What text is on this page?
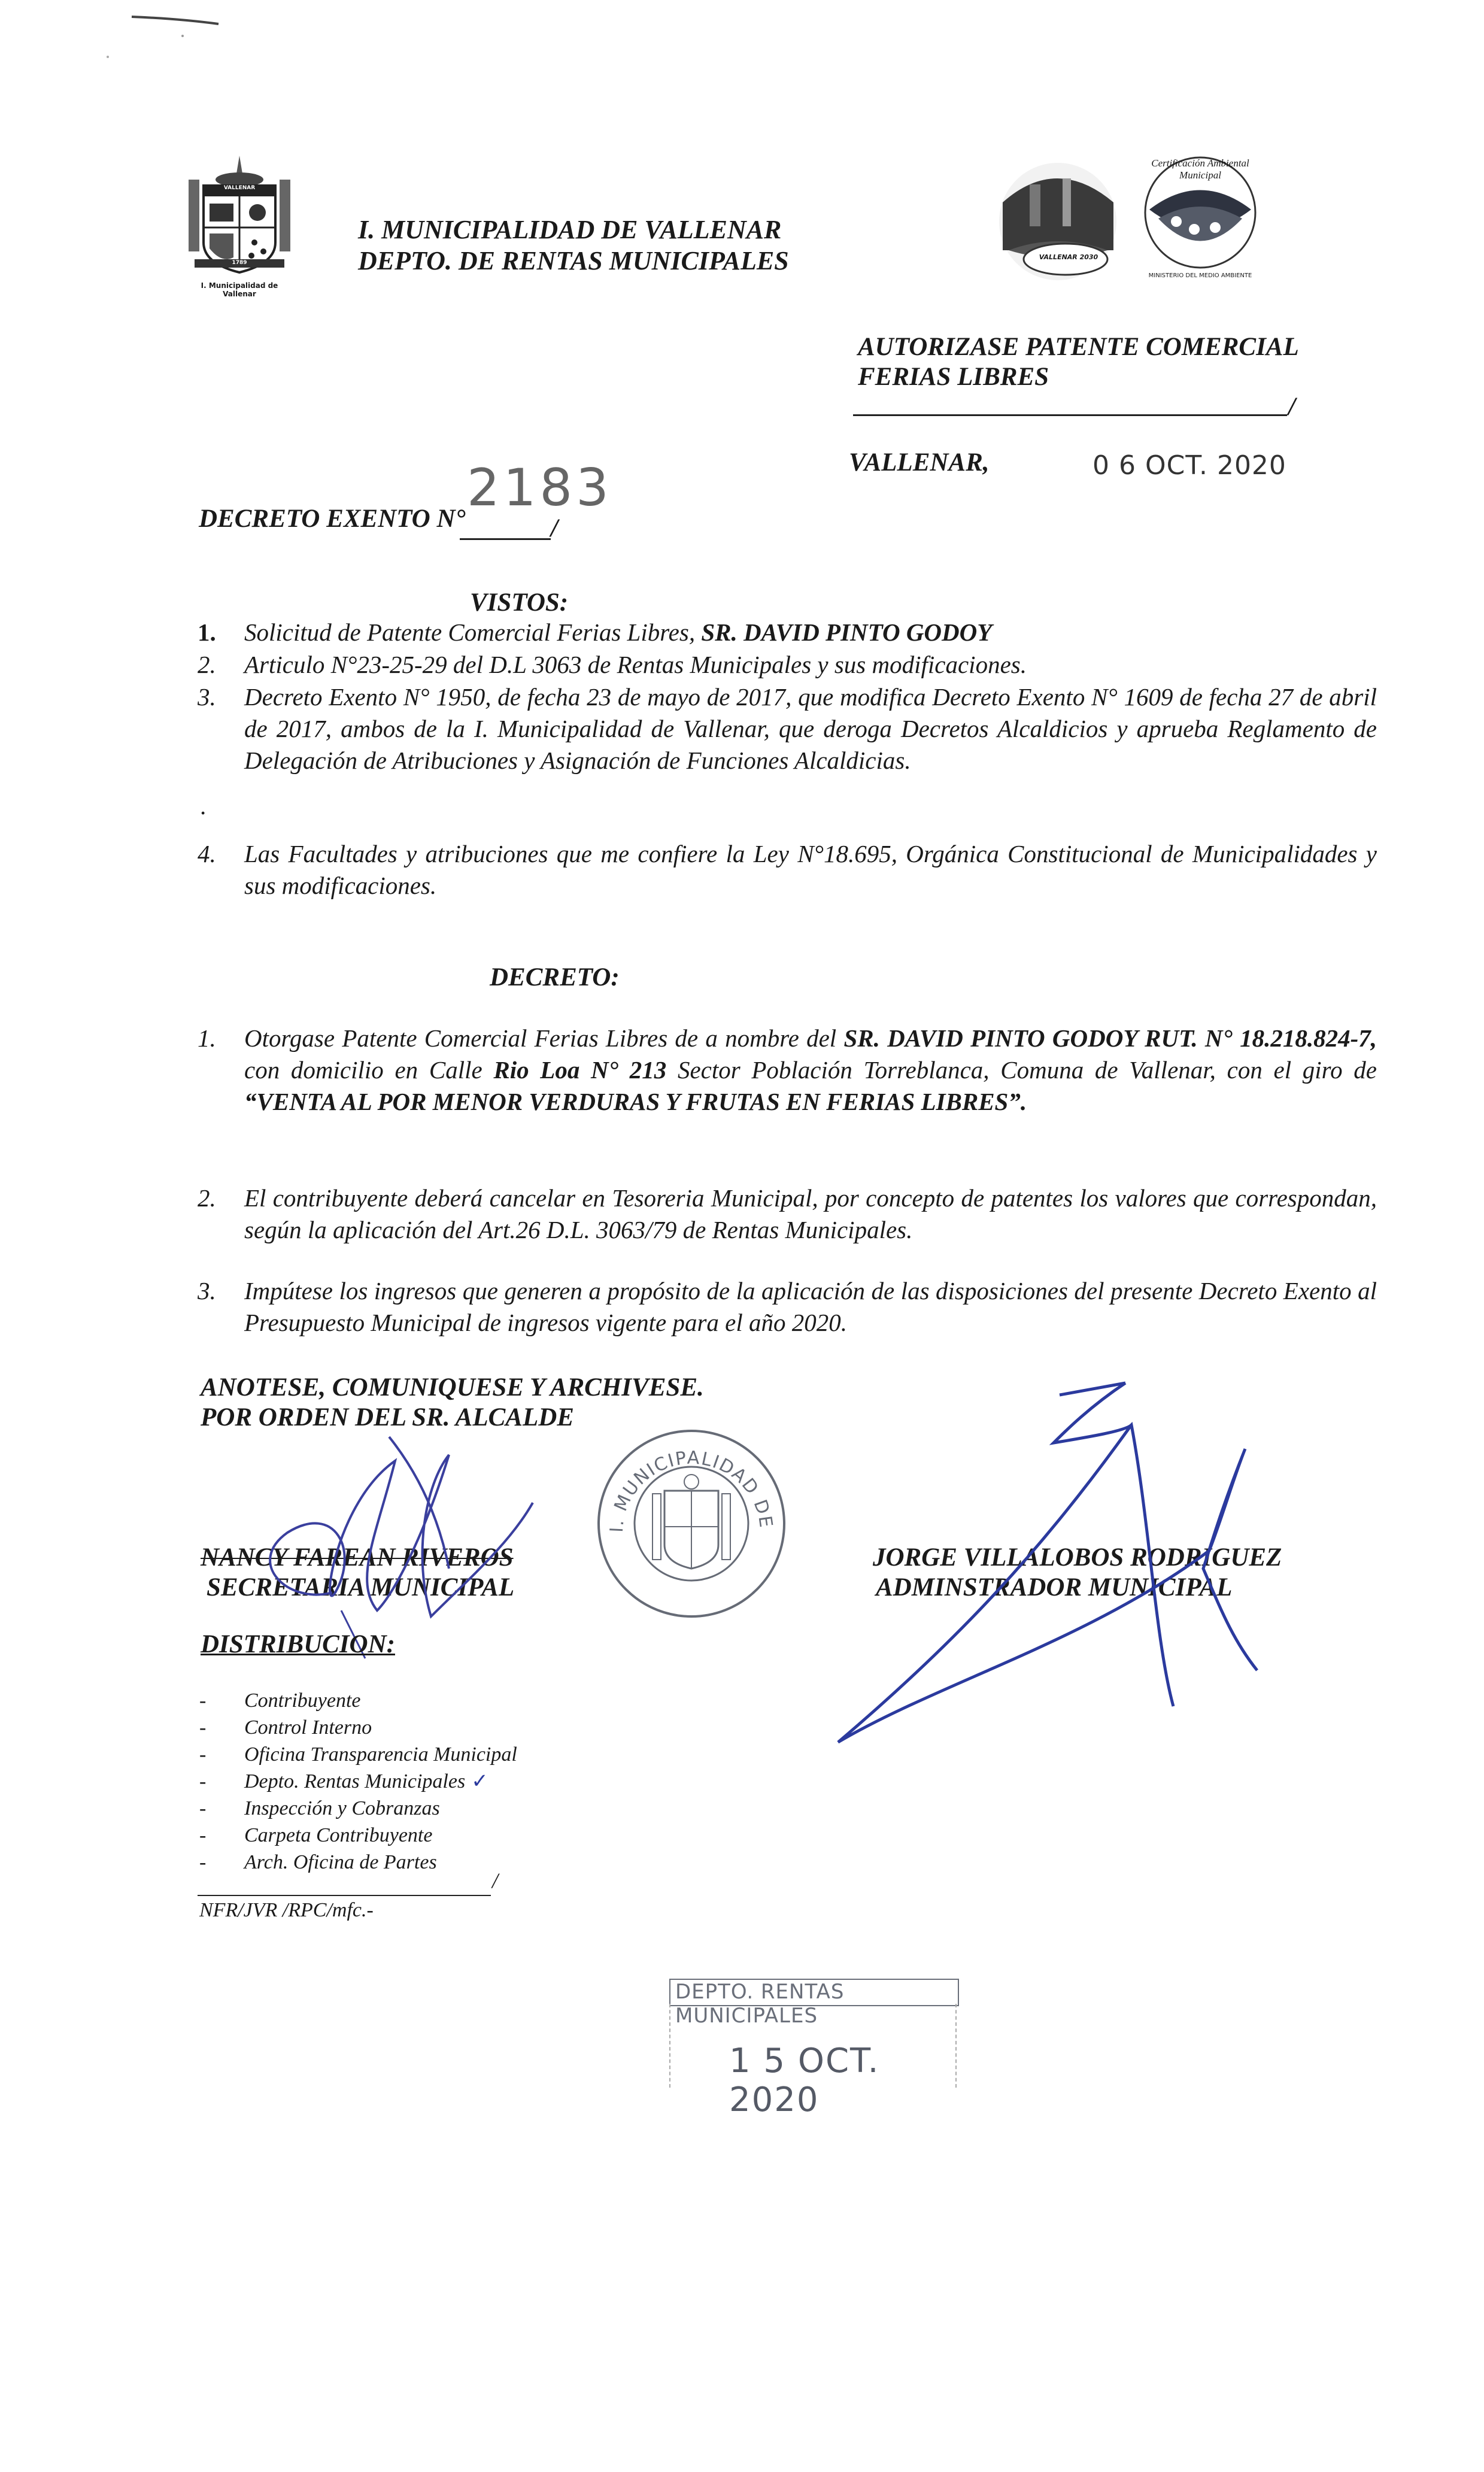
VALLENAR
1789
I. Municipalidad de
Vallenar
I. MUNICIPALIDAD DE VALLENAR
DEPTO. DE RENTAS MUNICIPALES	VALLENAR 2030
Certificación Ambiental Municipal
MINISTERIO DEL MEDIO AMBIENTE
AUTORIZASE PATENTE COMERCIAL
FERIAS LIBRES
/
VALLENAR,	0 6 OCT. 2020
DECRETO EXENTO N°	/
2183
VISTOS:
1. Solicitud de Patente Comercial Ferias Libres, SR. DAVID PINTO GODOY
2. Articulo N°23-25-29 del D.L 3063 de Rentas Municipales y sus modificaciones.
3. Decreto Exento N° 1950, de fecha 23 de mayo de 2017, que modifica Decreto Exento N° 1609 de fecha 27 de abril de 2017, ambos de la I. Municipalidad de Vallenar, que deroga Decretos Alcaldicios y aprueba Reglamento de Delegación de Atribuciones y Asignación de Funciones Alcaldicias.
.
4. Las Facultades y atribuciones que me confiere la Ley N°18.695, Orgánica Constitucional de Municipalidades y sus modificaciones.
DECRETO:
1. Otorgase Patente Comercial Ferias Libres de a nombre del SR. DAVID PINTO GODOY RUT. N° 18.218.824-7, con domicilio en Calle Rio Loa N° 213 Sector Población Torreblanca, Comuna de Vallenar, con el giro de “VENTA AL POR MENOR VERDURAS Y FRUTAS EN FERIAS LIBRES”.
2. El contribuyente deberá cancelar en Tesoreria Municipal, por concepto de patentes los valores que correspondan, según la aplicación del Art.26 D.L. 3063/79 de Rentas Municipales.
3. Impútese los ingresos que generen a propósito de la aplicación de las disposiciones del presente Decreto Exento al Presupuesto Municipal de ingresos vigente para el año 2020.
ANOTESE, COMUNIQUESE Y ARCHIVESE.
POR ORDEN DEL SR. ALCALDE
NANCY FAREAN RIVEROS
SECRETARIA MUNICIPAL
JORGE VILLALOBOS RODRIGUEZ
ADMINSTRADOR MUNICIPAL
I. MUNICIPALIDAD DE
DISTRIBUCION:
- Contribuyente
- Control Interno
- Oficina Transparencia Municipal
- Depto. Rentas Municipales ✓
- Inspección y Cobranzas
- Carpeta Contribuyente
- Arch. Oficina de Partes
/
NFR/JVR /RPC/mfc.-
DEPTO. RENTAS MUNICIPALES
1 5 OCT. 2020
